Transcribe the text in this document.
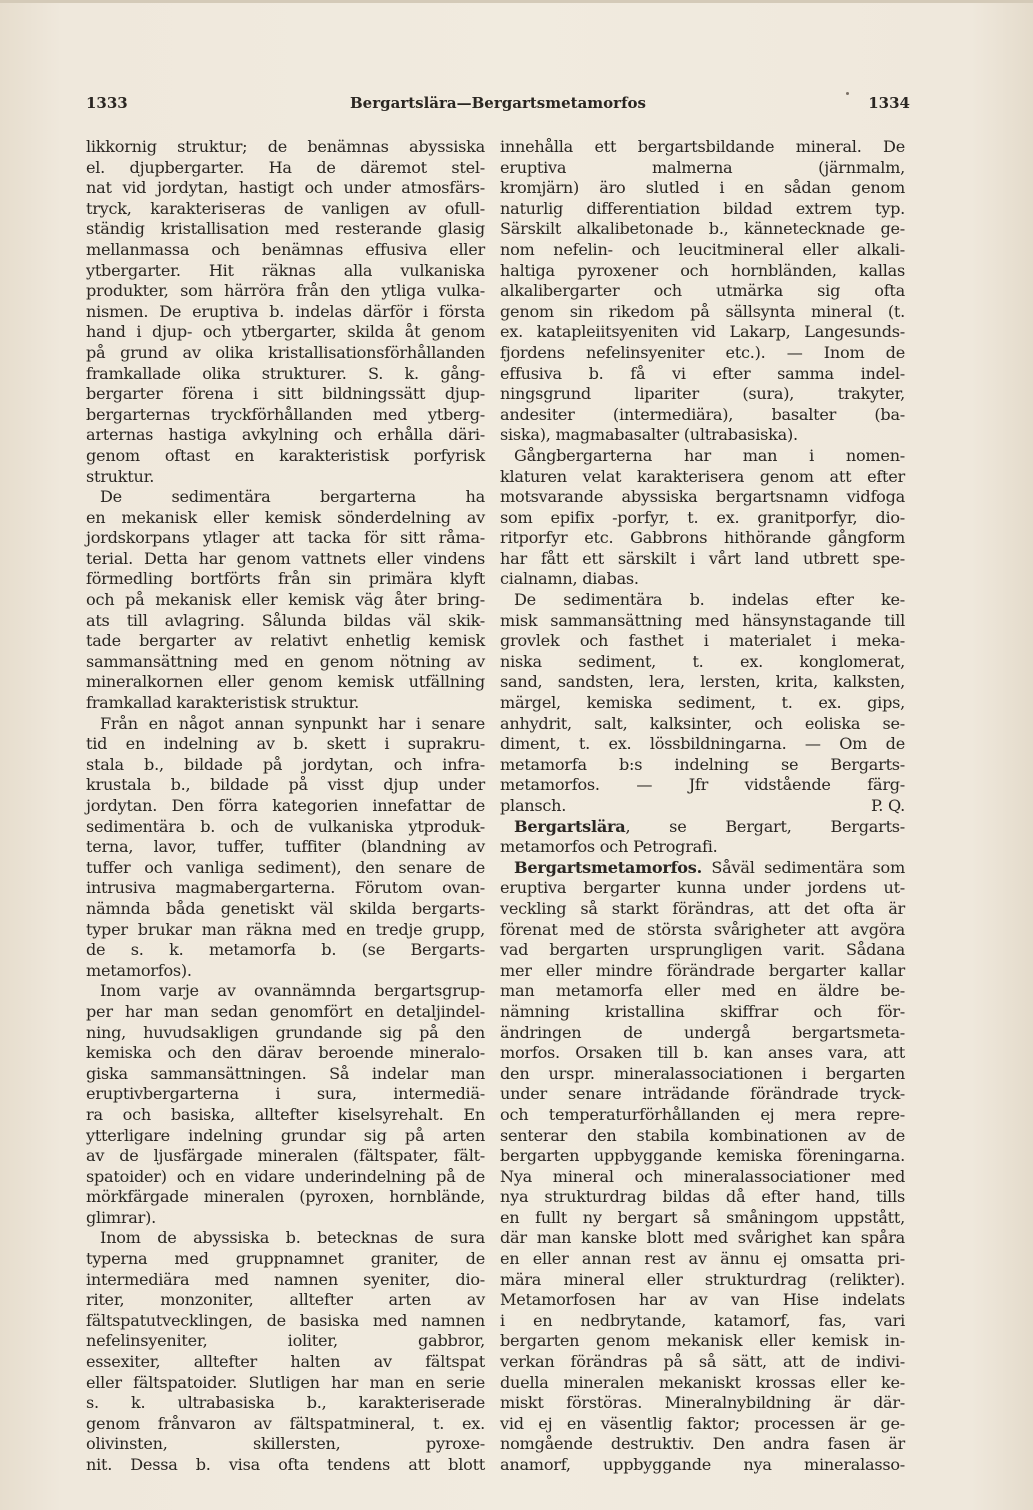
1333	Bergartslära—Bergartsmetamorfos	1334
likkornig struktur; de benämnas abyssiska
el. djupbergarter. Ha de däremot stel-
nat vid jordytan, hastigt och under atmosfärs-
tryck, karakteriseras de vanligen av ofull-
ständig kristallisation med resterande glasig
mellanmassa och benämnas effusiva eller
ytbergarter. Hit räknas alla vulkaniska
produkter, som härröra från den ytliga vulka-
nismen. De eruptiva b. indelas därför i första
hand i djup- och ytbergarter, skilda åt genom
på grund av olika kristallisationsförhållanden
framkallade olika strukturer. S. k. gång-
bergarter förena i sitt bildningssätt djup-
bergarternas tryckförhållanden med ytberg-
arternas hastiga avkylning och erhålla däri-
genom oftast en karakteristisk porfyrisk
struktur.
De sedimentära bergarterna ha
en mekanisk eller kemisk sönderdelning av
jordskorpans ytlager att tacka för sitt råma-
terial. Detta har genom vattnets eller vindens
förmedling bortförts från sin primära klyft
och på mekanisk eller kemisk väg åter bring-
ats till avlagring. Sålunda bildas väl skik-
tade bergarter av relativt enhetlig kemisk
sammansättning med en genom nötning av
mineralkornen eller genom kemisk utfällning
framkallad karakteristisk struktur.
Från en något annan synpunkt har i senare
tid en indelning av b. skett i suprakru-
stala b., bildade på jordytan, och infra-
krustala b., bildade på visst djup under
jordytan. Den förra kategorien innefattar de
sedimentära b. och de vulkaniska ytproduk-
terna, lavor, tuffer, tuffiter (blandning av
tuffer och vanliga sediment), den senare de
intrusiva magmabergarterna. Förutom ovan-
nämnda båda genetiskt väl skilda bergarts-
typer brukar man räkna med en tredje grupp,
de s. k. metamorfa b. (se Bergarts-
metamorfos).
Inom varje av ovannämnda bergartsgrup-
per har man sedan genomfört en detaljindel-
ning, huvudsakligen grundande sig på den
kemiska och den därav beroende mineralo-
giska sammansättningen. Så indelar man
eruptivbergarterna i sura, intermediä-
ra och basiska, alltefter kiselsyrehalt. En
ytterligare indelning grundar sig på arten
av de ljusfärgade mineralen (fältspater, fält-
spatoider) och en vidare underindelning på de
mörkfärgade mineralen (pyroxen, hornblände,
glimrar).
Inom de abyssiska b. betecknas de sura
typerna med gruppnamnet graniter, de
intermediära med namnen syeniter, dio-
riter, monzoniter, alltefter arten av
fältspatutvecklingen, de basiska med namnen
nefelinsyeniter, ioliter, gabbror,
essexiter, alltefter halten av fältspat
eller fältspatoider. Slutligen har man en serie
s. k. ultrabasiska b., karakteriserade
genom frånvaron av fältspatmineral, t. ex.
olivinsten, skillersten, pyroxe-
nit. Dessa b. visa ofta tendens att blott
innehålla ett bergartsbildande mineral. De
eruptiva malmerna (järnmalm,
kromjärn) äro slutled i en sådan genom
naturlig differentiation bildad extrem typ.
Särskilt alkalibetonade b., kännetecknade ge-
nom nefelin- och leucitmineral eller alkali-
haltiga pyroxener och hornbländen, kallas
alkalibergarter och utmärka sig ofta
genom sin rikedom på sällsynta mineral (t.
ex. katapleiitsyeniten vid Lakarp, Langesunds-
fjordens nefelinsyeniter etc.). — Inom de
effusiva b. få vi efter samma indel-
ningsgrund lipariter (sura), trakyter,
andesiter (intermediära), basalter (ba-
siska), magmabasalter (ultrabasiska).
Gångbergarterna har man i nomen-
klaturen velat karakterisera genom att efter
motsvarande abyssiska bergartsnamn vidfoga
som epifix -porfyr, t. ex. granitporfyr, dio-
ritporfyr etc. Gabbrons hithörande gångform
har fått ett särskilt i vårt land utbrett spe-
cialnamn, diabas.
De sedimentära b. indelas efter ke-
misk sammansättning med hänsynstagande till
grovlek och fasthet i materialet i meka-
niska sediment, t. ex. konglomerat,
sand, sandsten, lera, lersten, krita, kalksten,
märgel, kemiska sediment, t. ex. gips,
anhydrit, salt, kalksinter, och eoliska se-
diment, t. ex. lössbildningarna. — Om de
metamorfa b:s indelning se Bergarts-
metamorfos. — Jfr vidstående färg-
plansch.	P. Q.
Bergartslära, se Bergart, Bergarts-
metamorfos och Petrografi.
Bergartsmetamorfos. Såväl sedimentära som
eruptiva bergarter kunna under jordens ut-
veckling så starkt förändras, att det ofta är
förenat med de största svårigheter att avgöra
vad bergarten ursprungligen varit. Sådana
mer eller mindre förändrade bergarter kallar
man metamorfa eller med en äldre be-
nämning kristallina skiffrar och för-
ändringen de undergå bergartsmeta-
morfos. Orsaken till b. kan anses vara, att
den urspr. mineralassociationen i bergarten
under senare inträdande förändrade tryck-
och temperaturförhållanden ej mera repre-
senterar den stabila kombinationen av de
bergarten uppbyggande kemiska föreningarna.
Nya mineral och mineralassociationer med
nya strukturdrag bildas då efter hand, tills
en fullt ny bergart så småningom uppstått,
där man kanske blott med svårighet kan spåra
en eller annan rest av ännu ej omsatta pri-
mära mineral eller strukturdrag (relikter).
Metamorfosen har av van Hise indelats
i en nedbrytande, katamorf, fas, vari
bergarten genom mekanisk eller kemisk in-
verkan förändras på så sätt, att de indivi-
duella mineralen mekaniskt krossas eller ke-
miskt förstöras. Mineralnybildning är där-
vid ej en väsentlig faktor; processen är ge-
nomgående destruktiv. Den andra fasen är
anamorf, uppbyggande nya mineralasso-
